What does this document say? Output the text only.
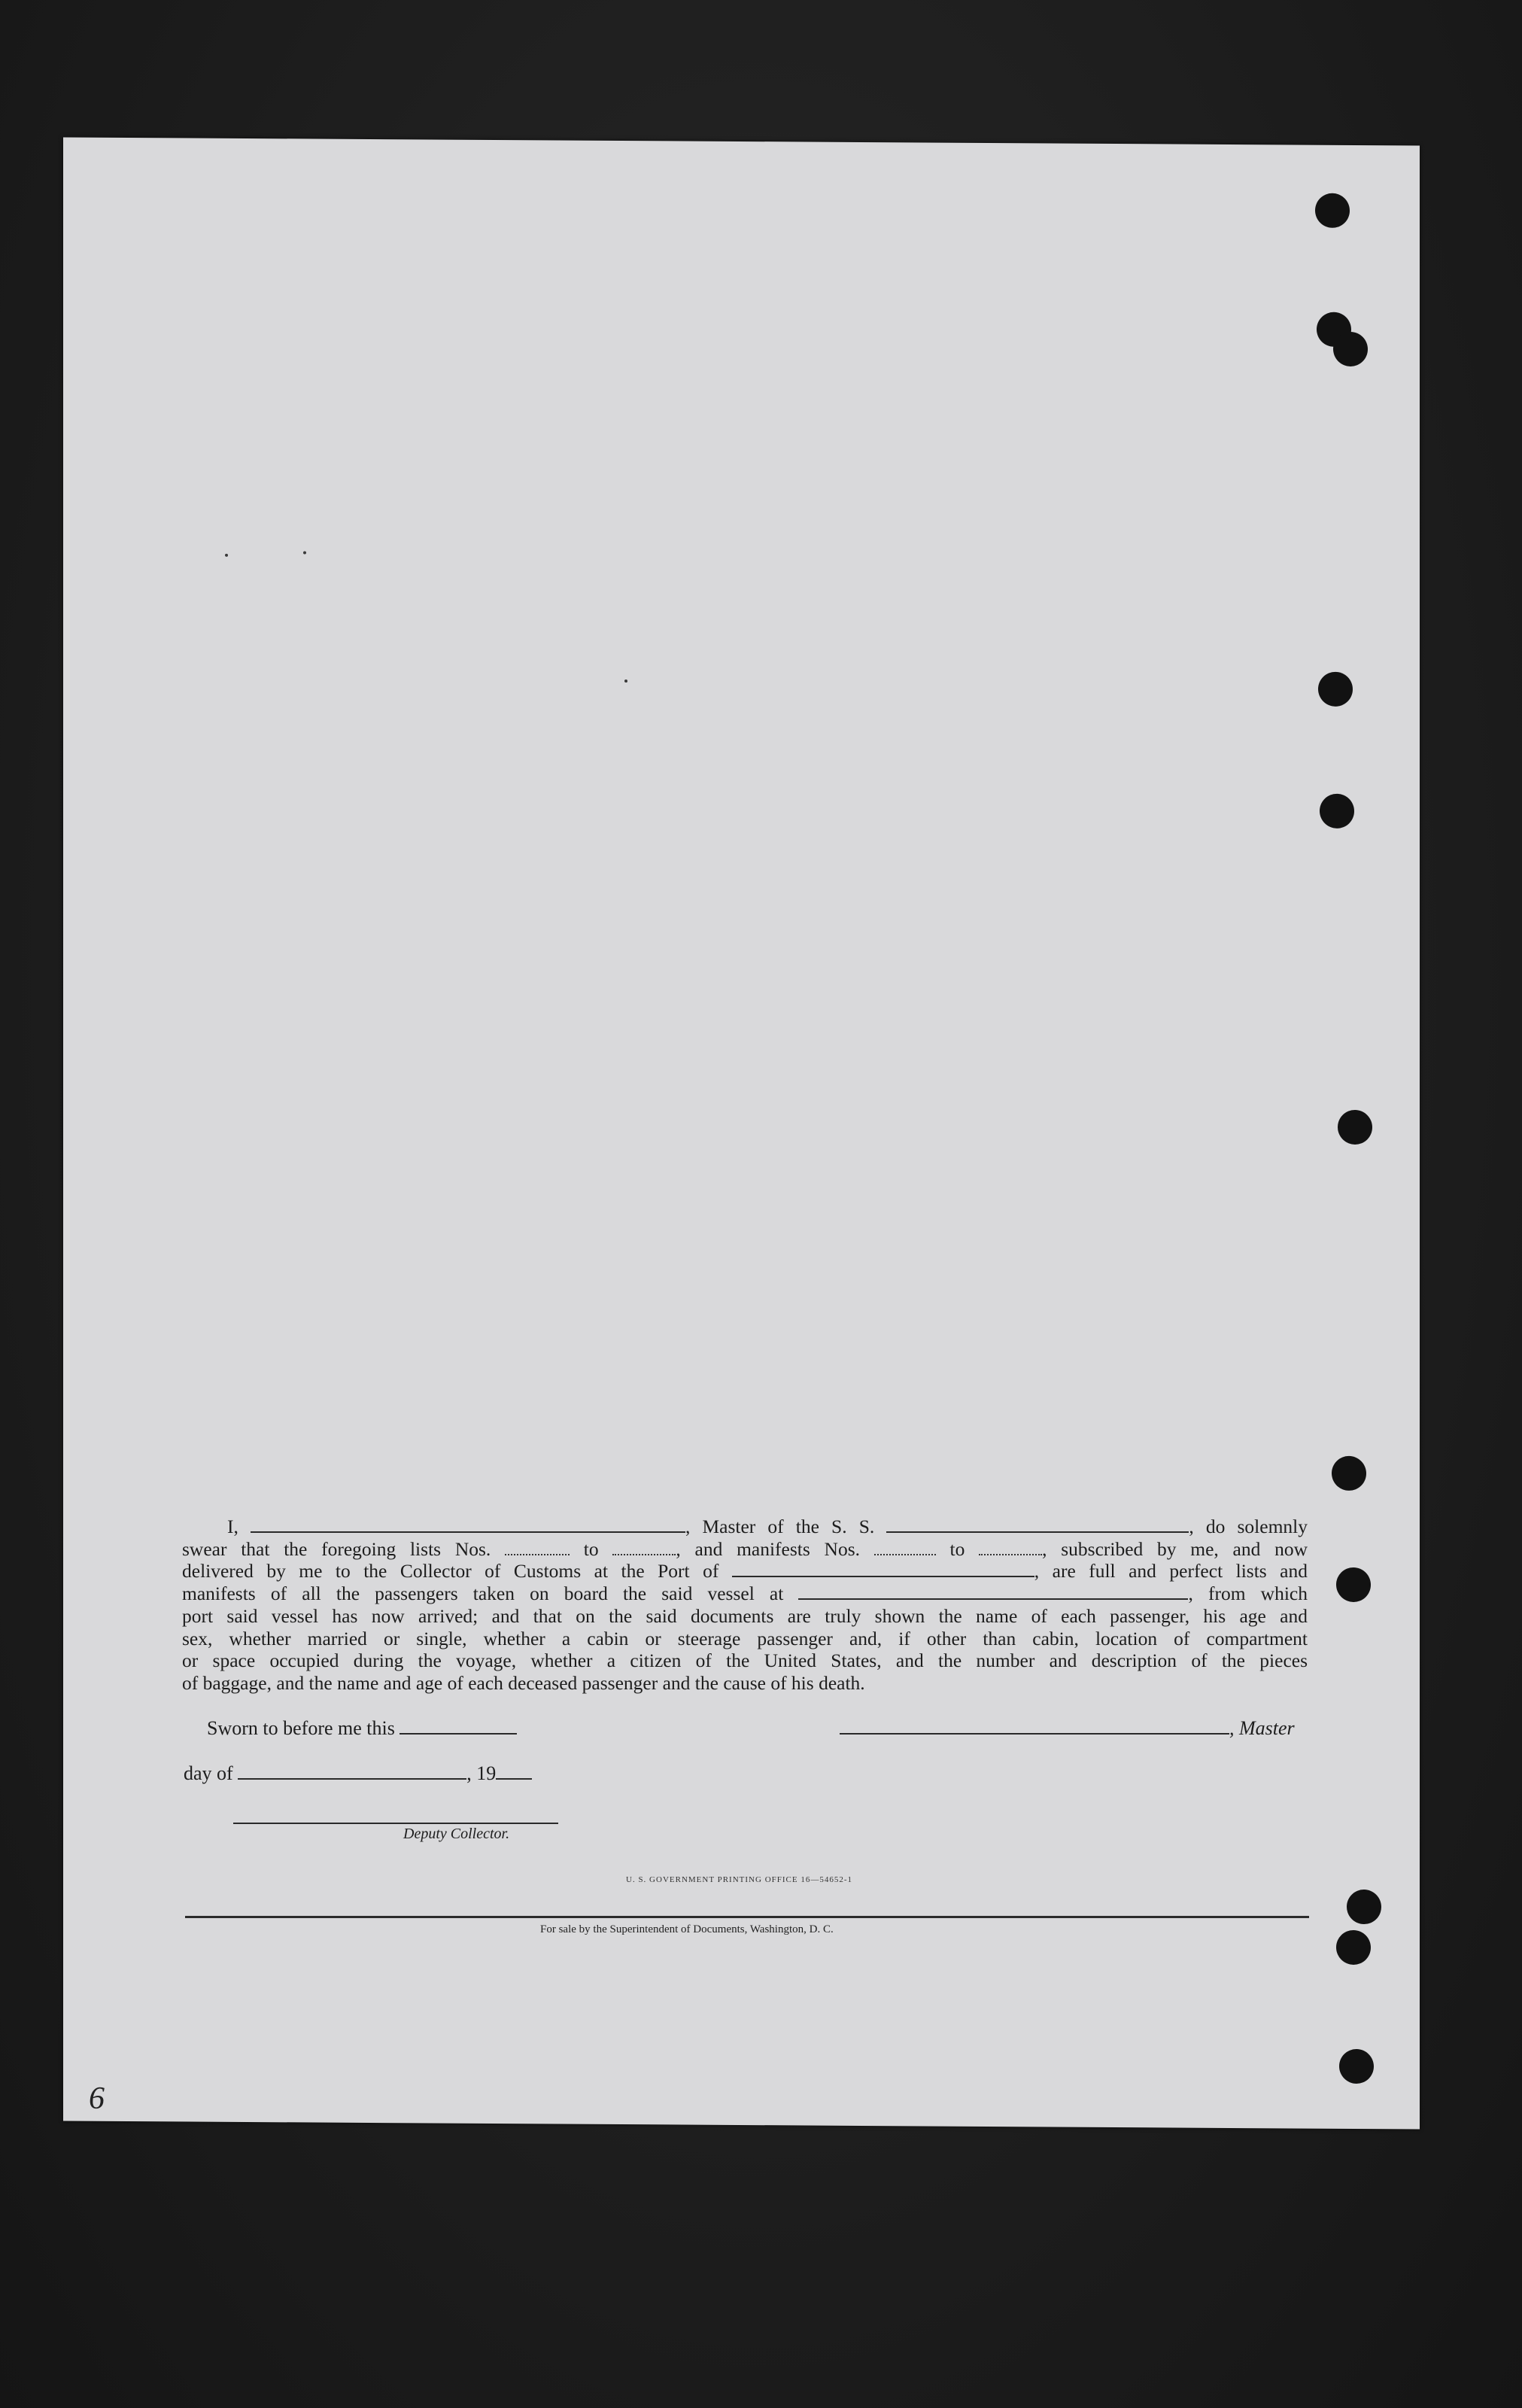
I,	, Master of the S. S.	, do solemnly
swear that the foregoing lists Nos.	to	, and manifests Nos.	to	, subscribed by me, and now
delivered by me to the Collector of Customs at the Port of	, are full and perfect lists and
manifests of all the passengers taken on board the said vessel at	, from which
port said vessel has now arrived; and that on the said documents are truly shown the name of each passenger, his age and
sex, whether married or single, whether a cabin or steerage passenger and, if other than cabin, location of compartment
or space occupied during the voyage, whether a citizen of the United States, and the number and description of the pieces
of baggage, and the name and age of each deceased passenger and the cause of his death.
Sworn to before me this	, Master
day of	, 19
Deputy Collector.
U. S. GOVERNMENT PRINTING OFFICE 16—54652-1
For sale by the Superintendent of Documents, Washington, D. C.
6
